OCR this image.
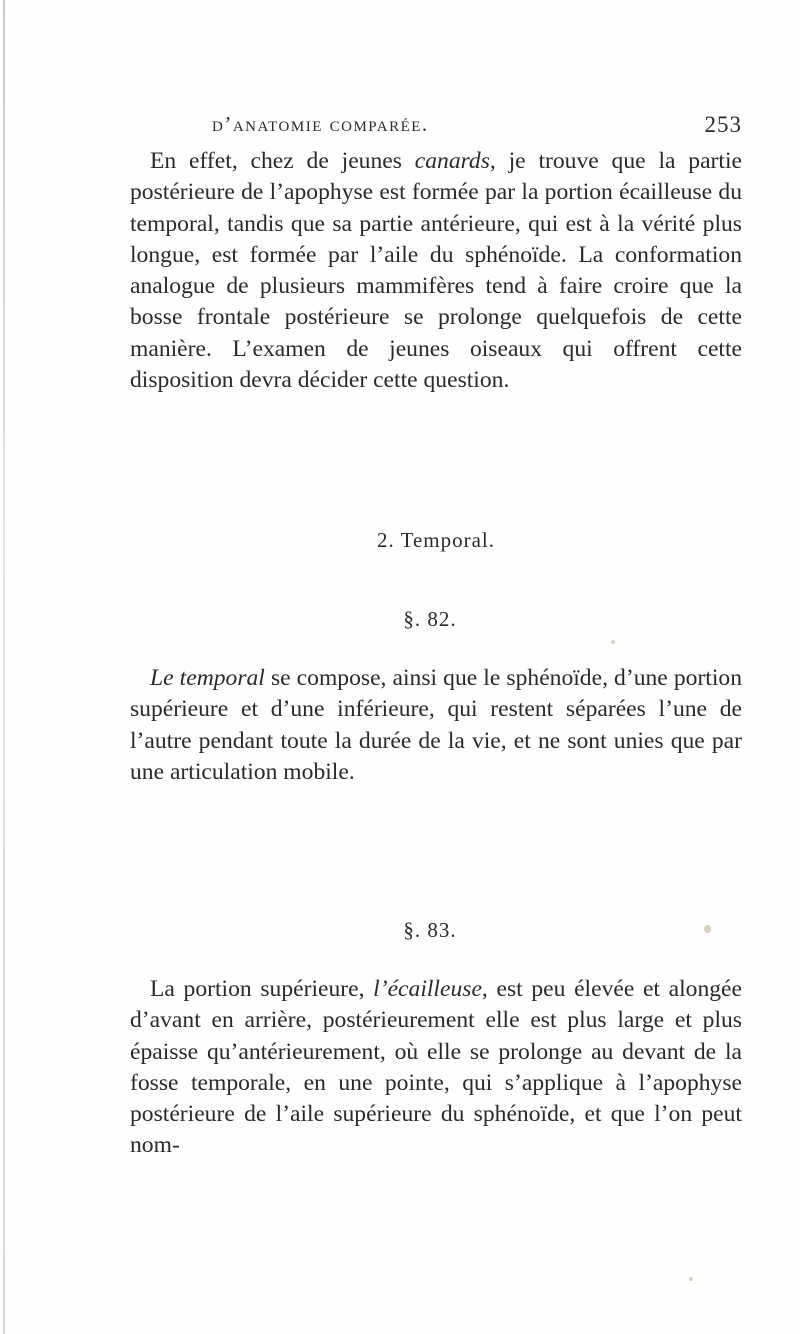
d’anatomie comparée.	253

En effet, chez de jeunes canards, je trouve que la partie postérieure de l’apophyse est formée par la portion écailleuse du temporal, tandis que sa partie antérieure, qui est à la vérité plus longue, est formée par l’aile du sphénoïde. La conformation analogue de plusieurs mammifères tend à faire croire que la bosse frontale postérieure se prolonge quelquefois de cette manière. L’examen de jeunes oiseaux qui offrent cette disposition devra décider cette question.

2. Temporal.
§. 82.

Le temporal se compose, ainsi que le sphénoïde, d’une portion supérieure et d’une inférieure, qui restent séparées l’une de l’autre pendant toute la durée de la vie, et ne sont unies que par une articulation mobile.

§. 83.

La portion supérieure, l’écailleuse, est peu élevée et alongée d’avant en arrière, postérieurement elle est plus large et plus épaisse qu’antérieurement, où elle se prolonge au devant de la fosse temporale, en une pointe, qui s’applique à l’apophyse postérieure de l’aile supérieure du sphénoïde, et que l’on peut nom-
